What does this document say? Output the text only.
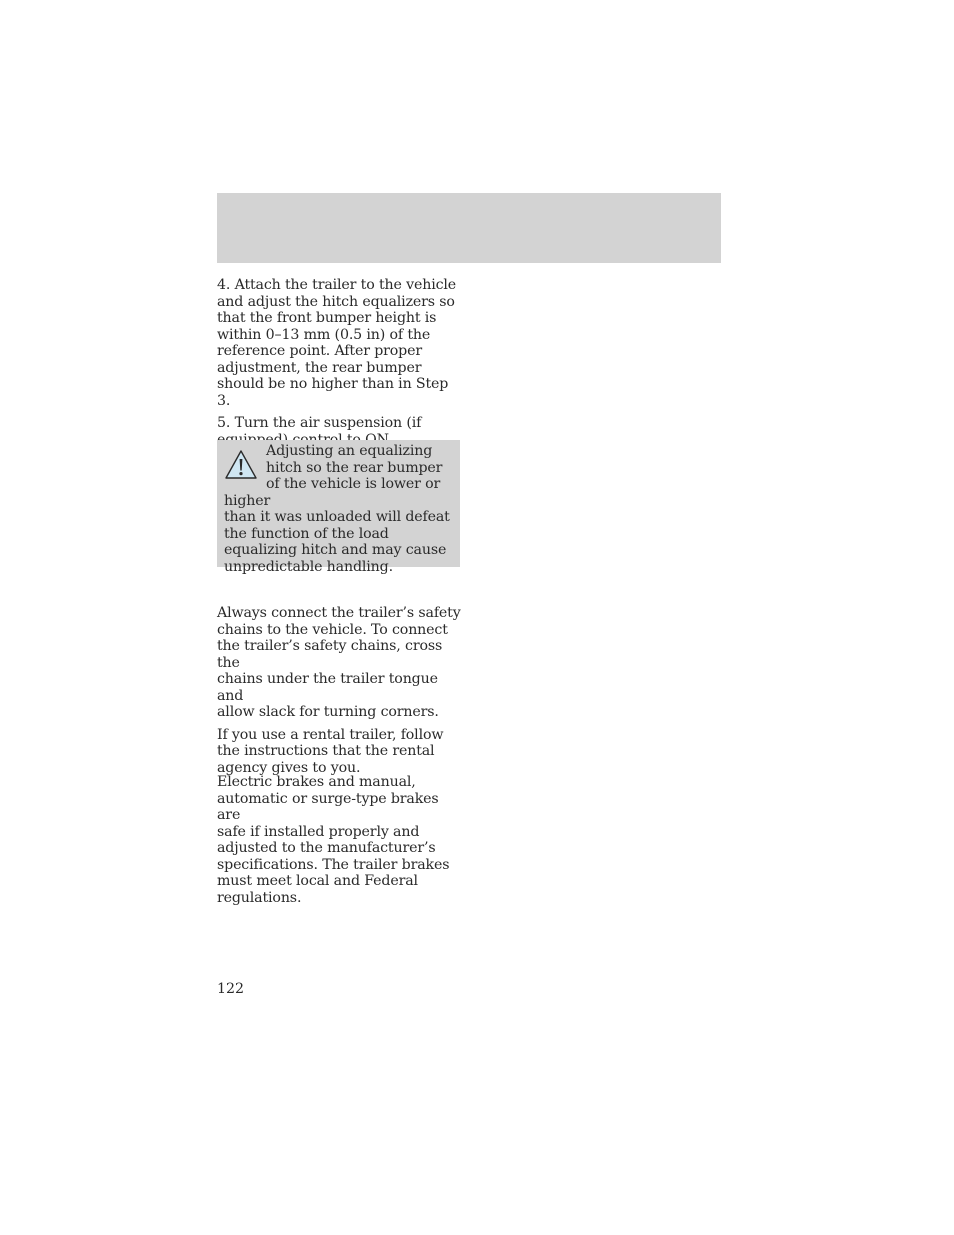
4. Attach the trailer to the vehicle
and adjust the hitch equalizers so
that the front bumper height is
within 0–13 mm (0.5 in) of the
reference point. After proper
adjustment, the rear bumper
should be no higher than in Step 3.

5. Turn the air suspension (if

Adjusting an equalizing
hitch so the rear bumper
of the vehicle is lower or higher
than it was unloaded will defeat
the function of the load
equalizing hitch and may cause
unpredictable handling.

Always connect the trailer’s safety
chains to the vehicle. To connect
the trailer’s safety chains, cross the
chains under the trailer tongue and
allow slack for turning corners.

If you use a rental trailer, follow
the instructions that the rental
agency gives to you.

Electric brakes and manual,
automatic or surge-type brakes are
safe if installed properly and
adjusted to the manufacturer’s
specifications. The trailer brakes
must meet local and Federal
regulations.

122
